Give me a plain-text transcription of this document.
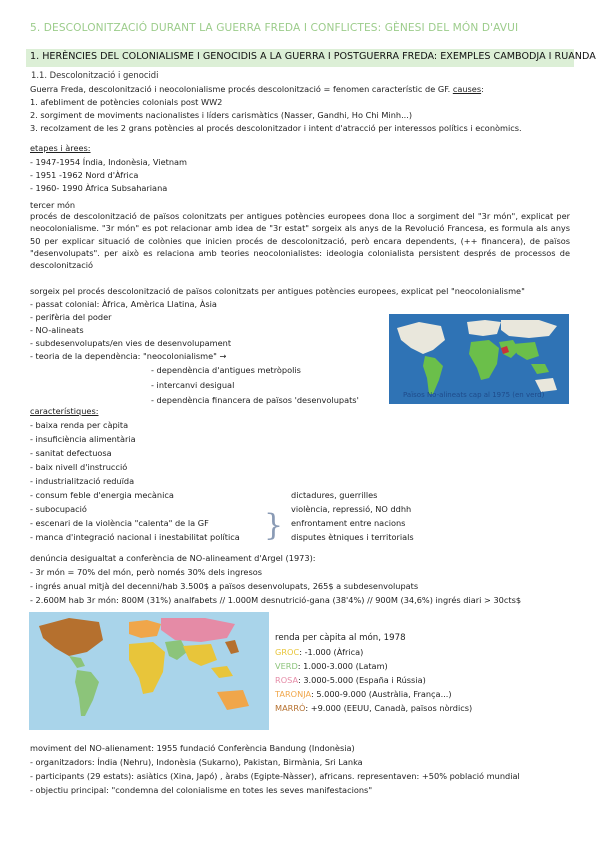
5. DESCOLONITZACIÓ DURANT LA GUERRA FREDA I CONFLICTES: GÈNESI DEL MÓN D'AVUI
1. HERÈNCIES DEL COLONIALISME I GENOCIDIS A LA GUERRA I POSTGUERRA FREDA: EXEMPLES CAMBODJA I RUANDA
1.1. Descolonització i genocidi
Guerra Freda, descolonització i neocolonialisme procés descolonització = fenomen característic de GF. causes:
1. afebliment de potències colonials post WW2
2. sorgiment de moviments nacionalistes i líders carismàtics (Nasser, Gandhi, Ho Chi Minh...)
3. recolzament de les 2 grans potències al procés descolonitzador i intent d'atracció per interessos polítics i econòmics.
etapes i àrees:
- 1947-1954 Índia, Indonèsia, Vietnam
- 1951 -1962 Nord d'Àfrica
- 1960- 1990 Àfrica Subsahariana
tercer món
procés de descolonització de països colonitzats per antigues potències europees dona lloc a sorgiment del "3r món", explicat per neocolonialisme. "3r món" es pot relacionar amb idea de "3r estat" sorgeix als anys de la Revolució Francesa, es formula als anys 50 per explicar situació de colònies que inicien procés de descolonització, però encara dependents, (++ financera), de països "desenvolupats". per això es relaciona amb teories neocolonialistes: ideologia colonialista persistent després de processos de descolonització
sorgeix pel procés descolonització de països colonitzats per antigues potències europees, explicat pel "neocolonialisme"
- passat colonial: Àfrica, Amèrica Llatina, Àsia
- perifèria del poder
- NO-alineats
- subdesenvolupats/en vies de desenvolupament
- teoria de la dependència: "neocolonialisme" →
- dependència d'antigues metròpolis
- intercanvi desigual
- dependència financera de països 'desenvolupats'	Països No-alineats cap al 1975 (en verd)
característiques:
- baixa renda per càpita
- insuficiència alimentària
- sanitat defectuosa
- baix nivell d'instrucció
- industrialització reduïda
- consum feble d'energia mecànica
- subocupació
- escenari de la violència "calenta" de la GF
- manca d'integració nacional i inestabilitat política
dictadures, guerrilles
violència, repressió, NO ddhh
enfrontament entre nacions
disputes ètniques i territorials
}
denúncia desigualtat a conferència de NO-alineament d'Argel (1973):
- 3r món = 70% del món, però només 30% dels ingresos
- ingrés anual mitjà del decenni/hab 3.500$ a països desenvolupats, 265$ a subdesenvolupats
- 2.600M hab 3r món: 800M (31%) analfabets // 1.000M desnutrició-gana (38'4%) // 900M (34,6%) ingrés diari > 30cts$
renda per càpita al món, 1978
GROC: -1.000 (Àfrica)
VERD: 1.000-3.000 (Latam)
ROSA: 3.000-5.000 (España i Rússia)
TARONJA: 5.000-9.000 (Austràlia, França...)
MARRÓ: +9.000 (EEUU, Canadà, països nòrdics)
moviment del NO-alienament: 1955 fundació Conferència Bandung (Indonèsia)
- organitzadors: Índia (Nehru), Indonèsia (Sukarno), Pakistan, Birmània, Sri Lanka
- participants (29 estats): asiàtics (Xina, Japó) , àrabs (Egipte-Nàsser), africans. representaven: +50% població mundial
- objectiu principal: "condemna del colonialisme en totes les seves manifestacions"
